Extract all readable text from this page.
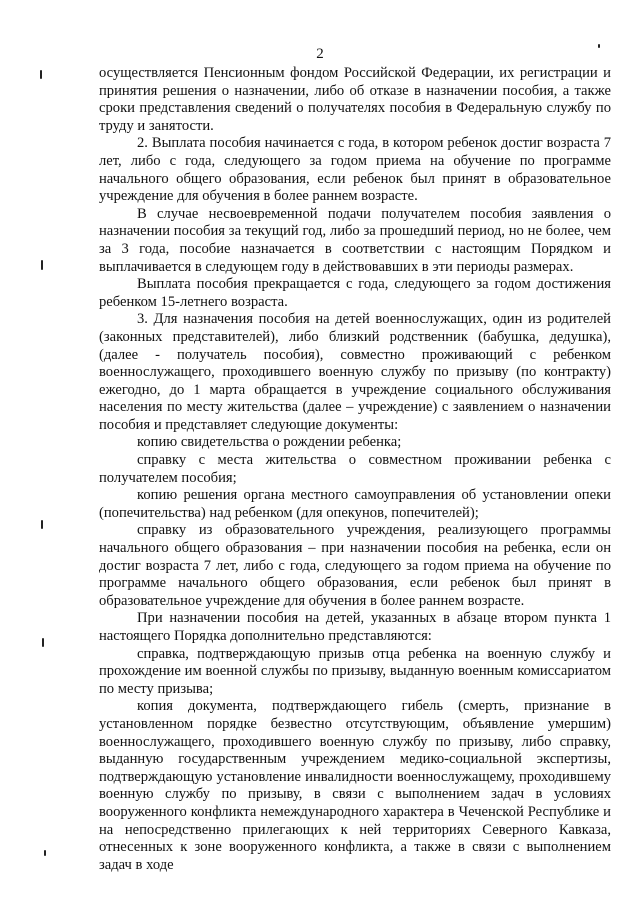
2

осуществляется Пенсионным фондом Российской Федерации, их регистрации и принятия решения о назначении, либо об отказе в назначении пособия, а также сроки представления сведений о получателях пособия в Федеральную службу по труду и занятости.

2. Выплата пособия начинается с года, в котором ребенок достиг возраста 7 лет, либо с года, следующего за годом приема на обучение по программе начального общего образования, если ребенок был принят в образовательное учреждение для обучения в более раннем возрасте.

В случае несвоевременной подачи получателем пособия заявления о назначении пособия за текущий год, либо за прошедший период, но не более, чем за 3 года, пособие назначается в соответствии с настоящим Порядком и выплачивается в следующем году в действовавших в эти периоды размерах.

Выплата пособия прекращается с года, следующего за годом достижения ребенком 15-летнего возраста.

3. Для назначения пособия на детей военнослужащих, один из родителей (законных представителей), либо близкий родственник (бабушка, дедушка), (далее - получатель пособия), совместно проживающий с ребенком военнослужащего, проходившего военную службу по призыву (по контракту) ежегодно, до 1 марта обращается в учреждение социального обслуживания населения по месту жительства (далее – учреждение) с заявлением о назначении пособия и представляет следующие документы:

копию свидетельства о рождении ребенка;

справку с места жительства о совместном проживании ребенка с получателем пособия;

копию решения органа местного самоуправления об установлении опеки (попечительства) над ребенком (для опекунов, попечителей);

справку из образовательного учреждения, реализующего программы начального общего образования – при назначении пособия на ребенка, если он достиг возраста 7 лет, либо с года, следующего за годом приема на обучение по программе начального общего образования, если ребенок был принят в образовательное учреждение для обучения в более раннем возрасте.

При назначении пособия на детей, указанных в абзаце втором пункта 1 настоящего Порядка дополнительно представляются:

справка, подтверждающую призыв отца ребенка на военную службу и прохождение им военной службы по призыву, выданную военным комиссариатом по месту призыва;

копия документа, подтверждающего гибель (смерть, признание в установленном порядке безвестно отсутствующим, объявление умершим) военнослужащего, проходившего военную службу по призыву, либо справку, выданную государственным учреждением медико-социальной экспертизы, подтверждающую установление инвалидности военнослужащему, проходившему военную службу по призыву, в связи с выполнением задач в условиях вооруженного конфликта немеждународного характера в Чеченской Республике и на непосредственно прилегающих к ней территориях Северного Кавказа, отнесенных к зоне вооруженного конфликта, а также в связи с выполнением задач в ходе
